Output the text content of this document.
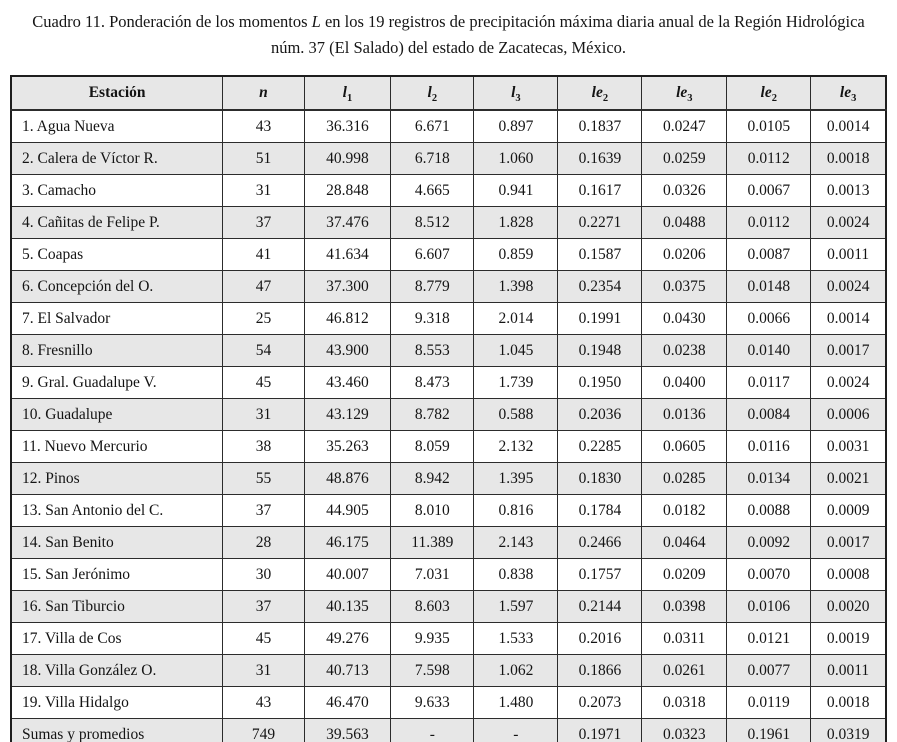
Cuadro 11. Ponderación de los momentos L en los 19 registros de precipitación máxima diaria anual de la Región Hidrológica
núm. 37 (El Salado) del estado de Zacatecas, México.
Estación	n	$l_1$	$l_2$	$l_3$	$le_2$	$le_3$	$le_2$	$le_3$
1. Agua Nueva	43	36.316	6.671	0.897	0.1837	0.0247	0.0105	0.0014
2. Calera de Víctor R.	51	40.998	6.718	1.060	0.1639	0.0259	0.0112	0.0018
3. Camacho	31	28.848	4.665	0.941	0.1617	0.0326	0.0067	0.0013
4. Cañitas de Felipe P.	37	37.476	8.512	1.828	0.2271	0.0488	0.0112	0.0024
5. Coapas	41	41.634	6.607	0.859	0.1587	0.0206	0.0087	0.0011
6. Concepción del O.	47	37.300	8.779	1.398	0.2354	0.0375	0.0148	0.0024
7. El Salvador	25	46.812	9.318	2.014	0.1991	0.0430	0.0066	0.0014
8. Fresnillo	54	43.900	8.553	1.045	0.1948	0.0238	0.0140	0.0017
9. Gral. Guadalupe V.	45	43.460	8.473	1.739	0.1950	0.0400	0.0117	0.0024
10. Guadalupe	31	43.129	8.782	0.588	0.2036	0.0136	0.0084	0.0006
11. Nuevo Mercurio	38	35.263	8.059	2.132	0.2285	0.0605	0.0116	0.0031
12. Pinos	55	48.876	8.942	1.395	0.1830	0.0285	0.0134	0.0021
13. San Antonio del C.	37	44.905	8.010	0.816	0.1784	0.0182	0.0088	0.0009
14. San Benito	28	46.175	11.389	2.143	0.2466	0.0464	0.0092	0.0017
15. San Jerónimo	30	40.007	7.031	0.838	0.1757	0.0209	0.0070	0.0008
16. San Tiburcio	37	40.135	8.603	1.597	0.2144	0.0398	0.0106	0.0020
17. Villa de Cos	45	49.276	9.935	1.533	0.2016	0.0311	0.0121	0.0019
18. Villa González O.	31	40.713	7.598	1.062	0.1866	0.0261	0.0077	0.0011
19. Villa Hidalgo	43	46.470	9.633	1.480	0.2073	0.0318	0.0119	0.0018
Sumas y promedios	749	39.563	-	-	0.1971	0.0323	0.1961	0.0319
